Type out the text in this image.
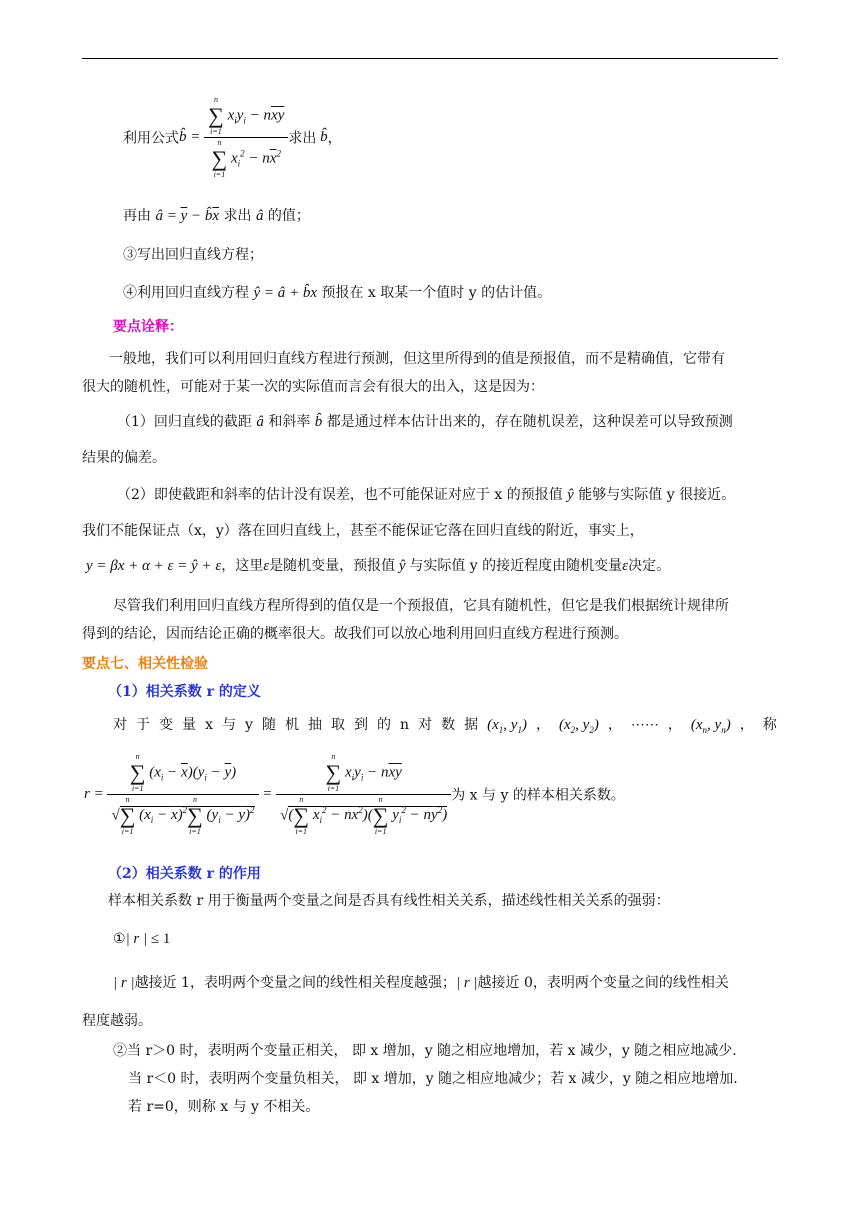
利用公式b̂ = n
∑
i=1
$x_iy_i - n\overline{x}\overline{y}$
n
∑
i=1
$x_i^2 - n\overline{x}^2$ 求出 b̂，
再由 â = $\overline{y}$ − $b̂\overline{x}$ 求出 â 的值；
③写出回归直线方程；
④利用回归直线方程 ŷ = â + b̂x 预报在 x 取某一个值时 y 的估计值。
要点诠释：
一般地，我们可以利用回归直线方程进行预测，但这里所得到的值是预报值，而不是精确值，它带有
很大的随机性，可能对于某一次的实际值而言会有很大的出入，这是因为：
（1）回归直线的截距 â 和斜率 b̂ 都是通过样本估计出来的，存在随机误差，这种误差可以导致预测
结果的偏差。
（2）即使截距和斜率的估计没有误差，也不可能保证对应于 x 的预报值 ŷ 能够与实际值 y 很接近。
我们不能保证点（x，y）落在回归直线上，甚至不能保证它落在回归直线的附近，事实上，
y = βx + α + ε = ŷ + ε，这里ε是随机变量，预报值 ŷ 与实际值 y 的接近程度由随机变量ε决定。
尽管我们利用回归直线方程所得到的值仅是一个预报值，它具有随机性，但它是我们根据统计规律所
得到的结论，因而结论正确的概率很大。故我们可以放心地利用回归直线方程进行预测。
要点七、相关性检验
（1）相关系数 r 的定义
对 于 变 量 x 与 y 随 机 抽 取 到 的 n 对 数 据 ($x_1$, $y_1$) ， ($x_2$, $y_2$) ， ⋯⋯ ， ($x_n$, $y_n$) ， 称
r = n
∑
i=1
$(x_i - \overline{x})(y_i - \overline{y})$
√
n
∑
i=1
$(x_i - \overline{x})^2$
n
∑
i=1
$(y_i - \overline{y})^2 = n$
∑
i=1
$x_iy_i - n\overline{x}\overline{y}$
√(
n
∑
i=1
$x_i^2 - n\overline{x}^2$)(
n
∑
i=1
$y_i^2 - n\overline{y}^2$) 为 x 与 y 的样本相关系数。
（2）相关系数 r 的作用
样本相关系数 r 用于衡量两个变量之间是否具有线性相关关系，描述线性相关关系的强弱：
①| r | ≤ 1
| r |越接近 1，表明两个变量之间的线性相关程度越强；| r |越接近 0，表明两个变量之间的线性相关
程度越弱。
②当 r＞0 时，表明两个变量正相关， 即 x 增加，y 随之相应地增加，若 x 减少，y 随之相应地减少.
当 r＜0 时，表明两个变量负相关， 即 x 增加，y 随之相应地减少；若 x 减少，y 随之相应地增加.
若 r=0，则称 x 与 y 不相关。
